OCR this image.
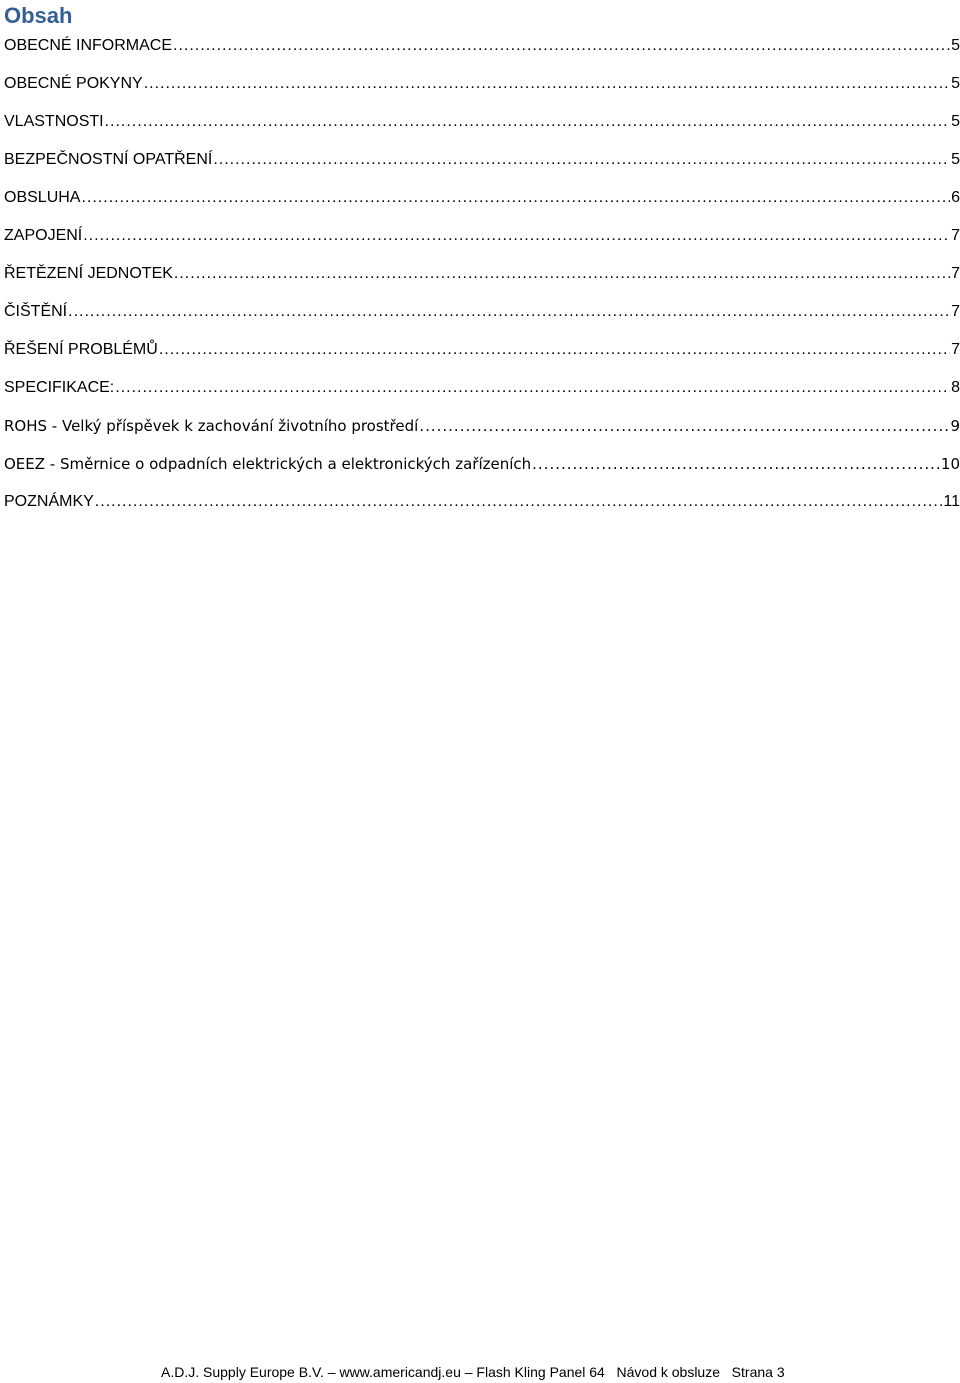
Obsah
OBECNÉ INFORMACE .....	5
OBECNÉ POKYNY .....	5
VLASTNOSTI .....	5
BEZPEČNOSTNÍ OPATŘENÍ .....	5
OBSLUHA .....	6
ZAPOJENÍ .....	7
ŘETĚZENÍ JEDNOTEK .....	7
ČIŠTĚNÍ .....	7
ŘEŠENÍ PROBLÉMŮ .....	7
SPECIFIKACE: .....	8
ROHS - Velký příspěvek k zachování životního prostředí .....	9
OEEZ - Směrnice o odpadních elektrických a elektronických zařízeních .....	10
POZNÁMKY .....	11
A.D.J. Supply Europe B.V. – www.americandj.eu – Flash Kling Panel 64   Návod k obsluze   Strana 3
